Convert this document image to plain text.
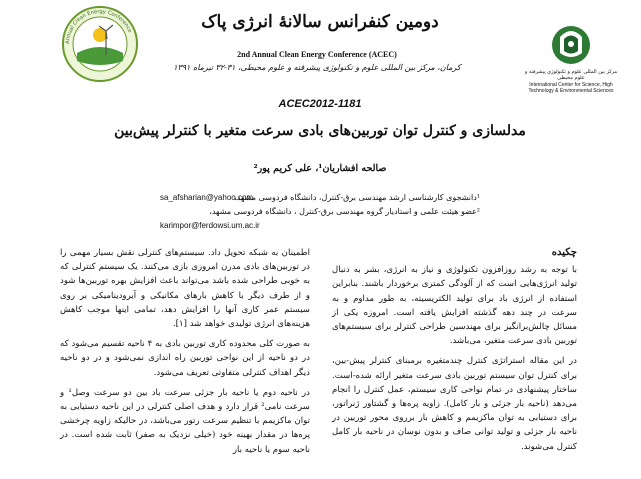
Annual Clean Energy Conference
مرکز بین المللی علوم و تکنولوژی پیشرفته و علوم محیطی
International Center for Science, High Technology & Environmental Sciences
دومین کنفرانس سالانهٔ انرژی پاک
2nd Annual Clean Energy Conference (ACEC)
کرمان، مرکز بین المللی علوم و تکنولوژی پیشرفته و علوم محیطی، ۳۱-۳۲ تیرماه ۱۳۹۱
ACEC2012-1181
مدلسازی و کنترل توان توربین‌های بادی سرعت متغیر با کنترلر پیش‌بین
صالحه افشاریان¹، علی کریم پور²
sa_afsharian@yahoo.com
¹دانشجوی کارشناسی ارشد مهندسی برق-کنترل، دانشگاه فردوسی مشهد،
karimpor@ferdowsi.um.ac.ir
²عضو هیئت علمی و استادیار گروه مهندسی برق-کنترل ، دانشگاه فردوسی مشهد،
چکیده

با توجه به رشد روزافزون تکنولوژی و نیاز به انرژی، بشر به دنبال تولید انرژی‌هایی است که از آلودگی کمتری برخوردار باشند. بنابراین استفاده از انرژی باد برای تولید الکتریسیته، به طور مداوم و به سرعت در چند دهه گذشته افزایش یافته است. امروزه یکی از مسائل چالش‌برانگیز برای مهندسین طراحی کنترلر برای سیستم‌های توربین بادی سرعت متغیر، می‌باشد.

در این مقاله استراتژی کنترل چندمتغیره برمبنای کنترلر پیش-بین، برای کنترل توان سیستم توربین بادی سرعت متغیر ارائه شده-است. ساختار پیشنهادی در تمام نواحی کاری سیستم، عمل کنترل را انجام می‌دهد (ناحیه بار جزئی و بار کامل). زاویه پره‌ها و گشتاور ژنراتور، برای دستیابی به توان ماکزیمم و کاهش بار برروی محور توربین در ناحیه بار جزئی و تولید توانی صاف و بدون نوسان در ناحیه بار کامل کنترل می‌شوند.

اطمینان به شبکه تحویل داد. سیستم‌های کنترلی نقش بسیار مهمی را در توربین‌های بادی مدرن امروزی بازی می‌کنند. یک سیستم کنترلی که به خوبی طراحی شده باشد می‌تواند باعث افزایش بهره توربین‌ها شود و از طرف دیگر با کاهش بارهای مکانیکی و آیرودینامیکی بر روی سیستم عمر کاری آنها را افزایش دهد، تمامی اینها موجب کاهش هزینه‌های انرژی تولیدی خواهد شد [۱].

به صورت کلی محدوده کاری توربین بادی به ۴ ناحیه تقسیم می‌شود که در دو ناحیه از این نواحی توربین راه اندازی نمی‌شود و در دو ناحیه دیگر اهداف کنترلی متفاوتی تعریف می‌شود.

در ناحیه دوم یا ناحیه بار جزئی سرعت باد بین دو سرعت وصل¹ و سرعت نامی² قرار دارد و هدف اصلی کنترلی در این ناحیه دستیابی به توان ماکزیمم با تنظیم سرعت رتور می‌باشد، در حالیکه زاویه چرخشی پره‌ها در مقدار بهینه خود (خیلی نزدیک به صفر) ثابت شده است. در ناحیه سوم یا ناحیه بار
